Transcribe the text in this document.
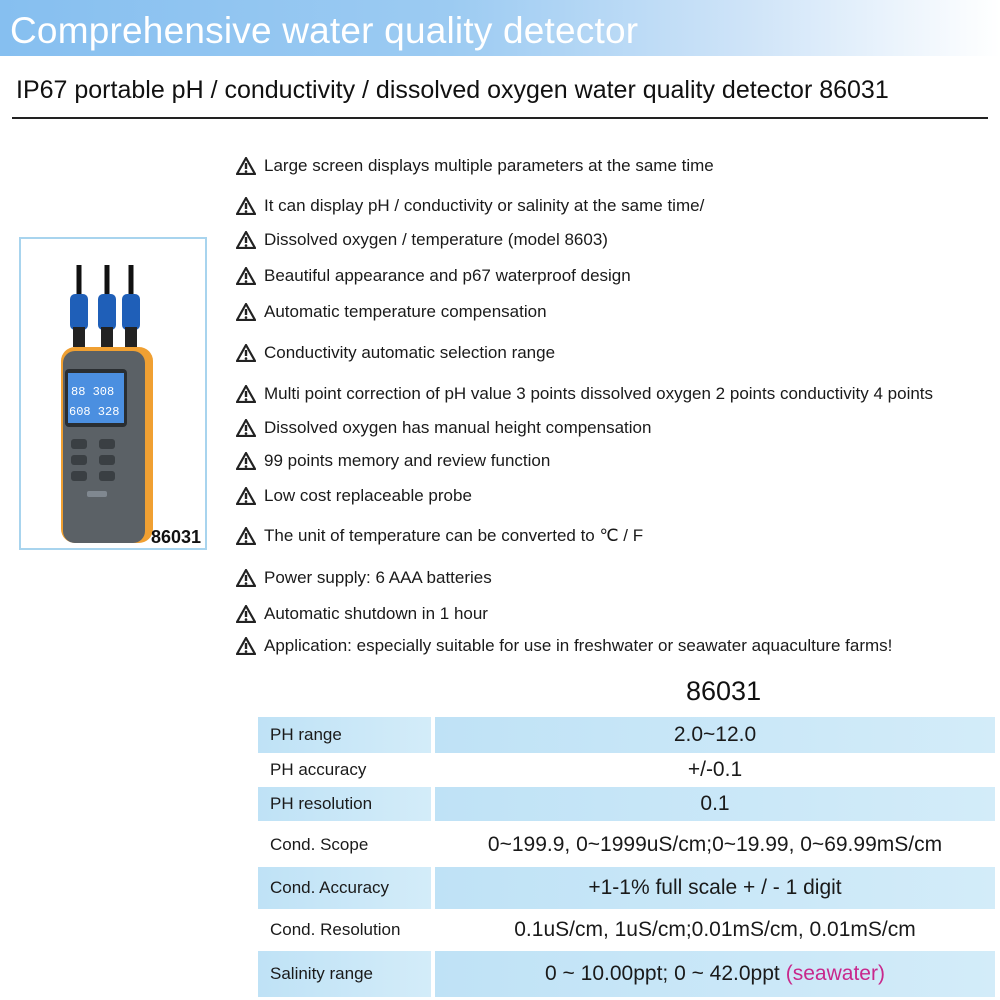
Comprehensive water quality detector
IP67 portable pH / conductivity / dissolved oxygen water quality detector 86031
88 308
608 328
86031
Large screen displays multiple parameters at the same time
It can display pH / conductivity or salinity at the same time/
Dissolved oxygen / temperature (model 8603)
Beautiful appearance and p67 waterproof design
Automatic temperature compensation
Conductivity automatic selection range
Multi point correction of pH value 3 points dissolved oxygen 2 points conductivity 4 points
Dissolved oxygen has manual height compensation
99 points memory and review function
Low cost replaceable probe
The unit of temperature can be converted to ℃ / F
Power supply: 6 AAA batteries
Automatic shutdown in 1 hour
Application: especially suitable for use in freshwater or seawater aquaculture farms!
86031
PH range	2.0~12.0
PH accuracy	+/-0.1
PH resolution	0.1
Cond. Scope	0~199.9, 0~1999uS/cm;0~19.99, 0~69.99mS/cm
Cond. Accuracy	+1-1% full scale + / - 1 digit
Cond. Resolution	0.1uS/cm, 1uS/cm;0.01mS/cm, 0.01mS/cm
Salinity range	0 ~ 10.00ppt; 0 ~ 42.0ppt (seawater)
